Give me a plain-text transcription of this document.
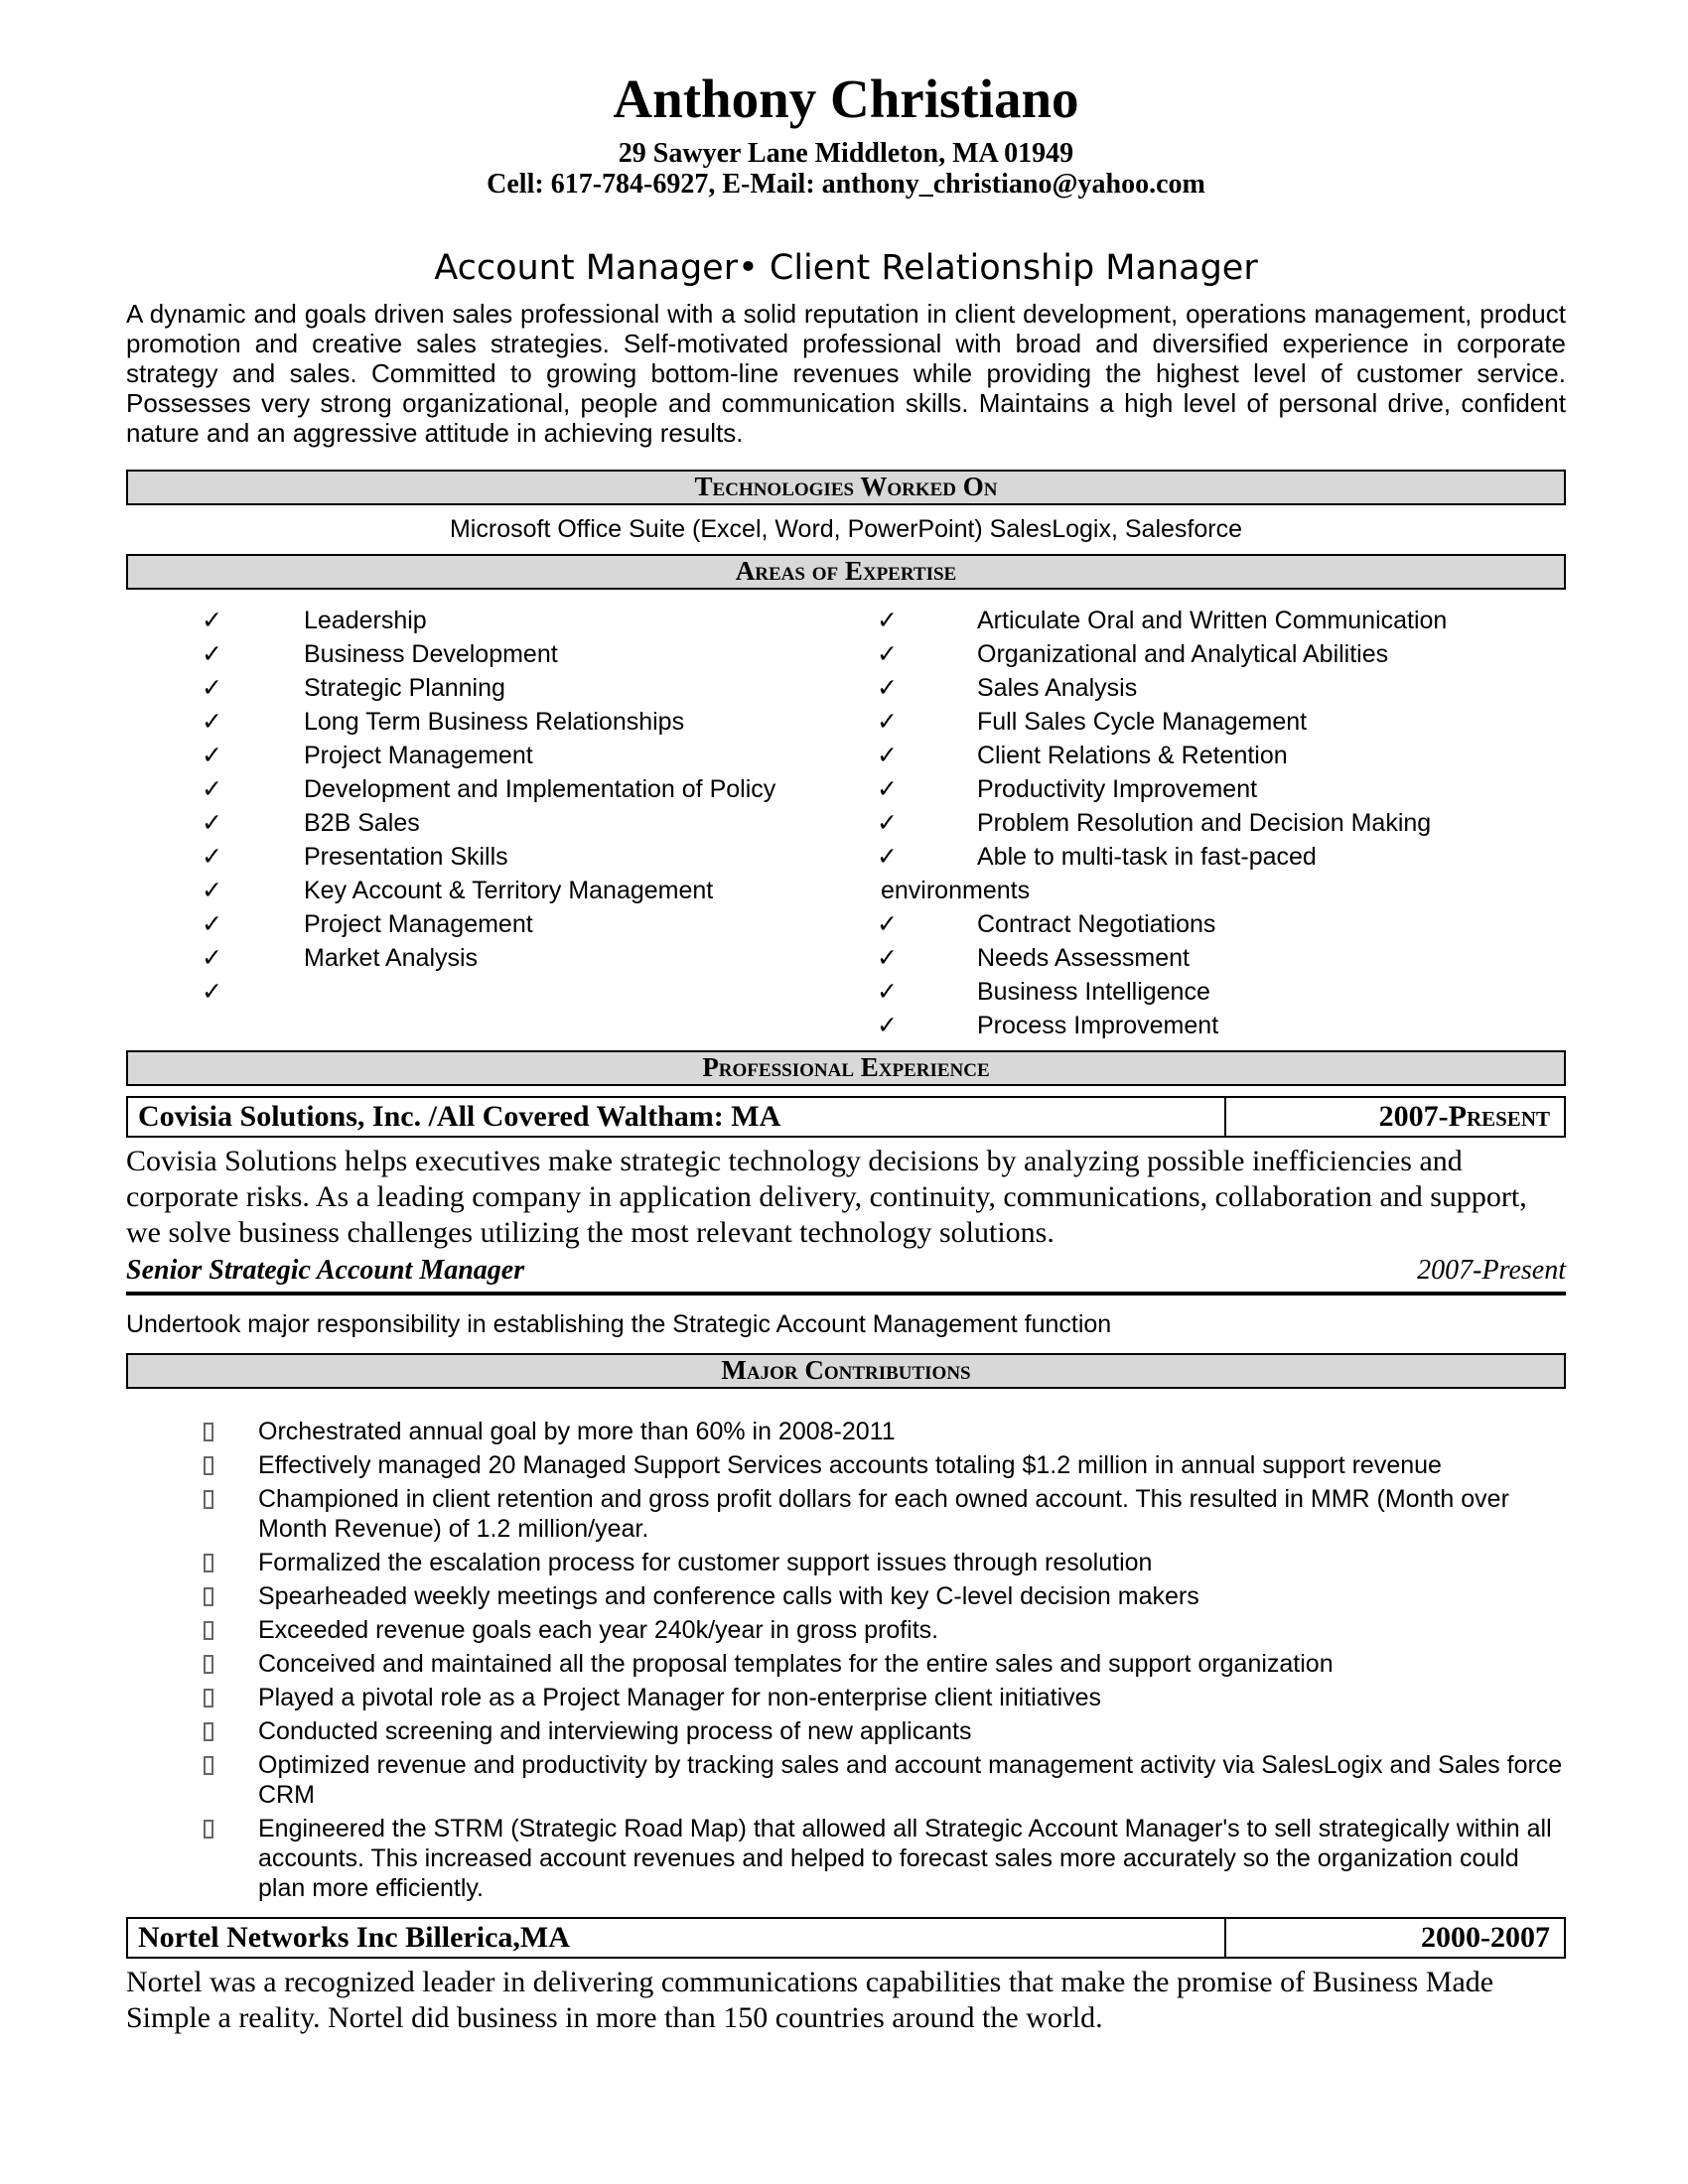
Anthony Christiano
29 Sawyer Lane Middleton, MA 01949
Cell: 617-784-6927, E-Mail: anthony_christiano@yahoo.com
Account Manager• Client Relationship Manager

A dynamic and goals driven sales professional with a solid reputation in client development, operations management, product promotion and creative sales strategies. Self-motivated professional with broad and diversified experience in corporate strategy and sales. Committed to growing bottom-line revenues while providing the highest level of customer service. Possesses very strong organizational, people and communication skills. Maintains a high level of personal drive, confident nature and an aggressive attitude in achieving results.

Technologies Worked On
Microsoft Office Suite (Excel, Word, PowerPoint) SalesLogix, Salesforce
Areas of Expertise
✓	Leadership
✓	Business Development
✓	Strategic Planning
✓	Long Term Business Relationships
✓	Project Management
✓	Development and Implementation of Policy
✓	B2B Sales
✓	Presentation Skills
✓	Key Account & Territory Management
✓	Project Management
✓	Market Analysis
✓
✓	Articulate Oral and Written Communication
✓	Organizational and Analytical Abilities
✓	Sales Analysis
✓	Full Sales Cycle Management
✓	Client Relations & Retention
✓	Productivity Improvement
✓	Problem Resolution and Decision Making
✓	Able to multi-task in fast-paced
environments
✓	Contract Negotiations
✓	Needs Assessment
✓	Business Intelligence
✓	Process Improvement
Professional Experience
Covisia Solutions, Inc. /All Covered Waltham: MA	2007-Present

Covisia Solutions helps executives make strategic technology decisions by analyzing possible inefficiencies and corporate risks. As a leading company in application delivery, continuity, communications, collaboration and support, we solve business challenges utilizing the most relevant technology solutions.

Senior Strategic Account Manager	2007-Present
Undertook major responsibility in establishing the Strategic Account Management function
Major Contributions
Orchestrated annual goal by more than 60% in 2008-2011
Effectively managed 20 Managed Support Services accounts totaling $1.2 million in annual support revenue
Championed in client retention and gross profit dollars for each owned account. This resulted in MMR (Month over Month Revenue) of 1.2 million/year.
Formalized the escalation process for customer support issues through resolution
Spearheaded weekly meetings and conference calls with key C-level decision makers
Exceeded revenue goals each year 240k/year in gross profits.
Conceived and maintained all the proposal templates for the entire sales and support organization
Played a pivotal role as a Project Manager for non-enterprise client initiatives
Conducted screening and interviewing process of new applicants
Optimized revenue and productivity by tracking sales and account management activity via SalesLogix and Sales force CRM
Engineered the STRM (Strategic Road Map) that allowed all Strategic Account Manager's to sell strategically within all accounts. This increased account revenues and helped to forecast sales more accurately so the organization could plan more efficiently.
Nortel Networks Inc Billerica,MA	2000-2007

Nortel was a recognized leader in delivering communications capabilities that make the promise of Business Made Simple a reality. Nortel did business in more than 150 countries around the world.
